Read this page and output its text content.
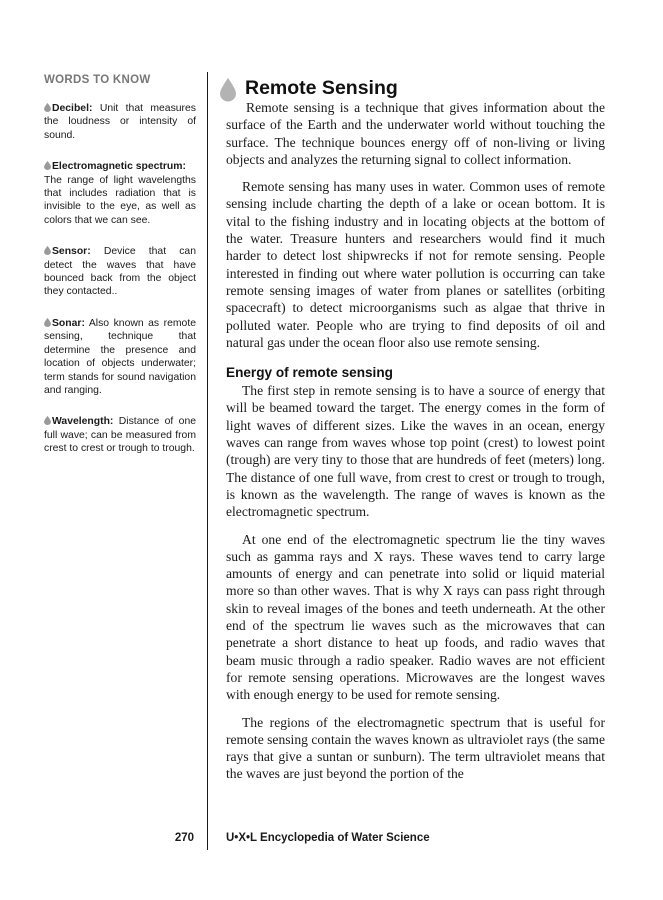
WORDS TO KNOW
Decibel: Unit that measures the loudness or intensity of sound.
Electromagnetic spectrum:
The range of light wavelengths that includes radiation that is invisible to the eye, as well as colors that we can see.
Sensor: Device that can detect the waves that have bounced back from the object they contacted..
Sonar: Also known as remote sensing, technique that determine the presence and location of objects underwater; term stands for sound navigation and ranging.
Wavelength: Distance of one full wave; can be measured from crest to crest or trough to trough.
Remote Sensing

Remote sensing is a technique that gives information about the surface of the Earth and the underwater world without touching the surface. The technique bounces energy off of non-living or living objects and analyzes the returning signal to collect information.

Remote sensing has many uses in water. Common uses of remote sensing include charting the depth of a lake or ocean bottom. It is vital to the fishing industry and in locating objects at the bottom of the water. Treasure hunters and researchers would find it much harder to detect lost shipwrecks if not for remote sensing. People interested in finding out where water pollution is occurring can take remote sensing images of water from planes or satellites (orbiting spacecraft) to detect microorganisms such as algae that thrive in polluted water. People who are trying to find deposits of oil and natural gas under the ocean floor also use remote sensing.

Energy of remote sensing

The first step in remote sensing is to have a source of energy that will be beamed toward the target. The energy comes in the form of light waves of different sizes. Like the waves in an ocean, energy waves can range from waves whose top point (crest) to lowest point (trough) are very tiny to those that are hundreds of feet (meters) long. The distance of one full wave, from crest to crest or trough to trough, is known as the wavelength. The range of waves is known as the electromagnetic spectrum.

At one end of the electromagnetic spectrum lie the tiny waves such as gamma rays and X rays. These waves tend to carry large amounts of energy and can penetrate into solid or liquid material more so than other waves. That is why X rays can pass right through skin to reveal images of the bones and teeth underneath. At the other end of the spectrum lie waves such as the microwaves that can penetrate a short distance to heat up foods, and radio waves that beam music through a radio speaker. Radio waves are not efficient for remote sensing operations. Microwaves are the longest waves with enough energy to be used for remote sensing.

The regions of the electromagnetic spectrum that is useful for remote sensing contain the waves known as ultraviolet rays (the same rays that give a suntan or sunburn). The term ultraviolet means that the waves are just beyond the portion of the

270	U•X•L Encyclopedia of Water Science
